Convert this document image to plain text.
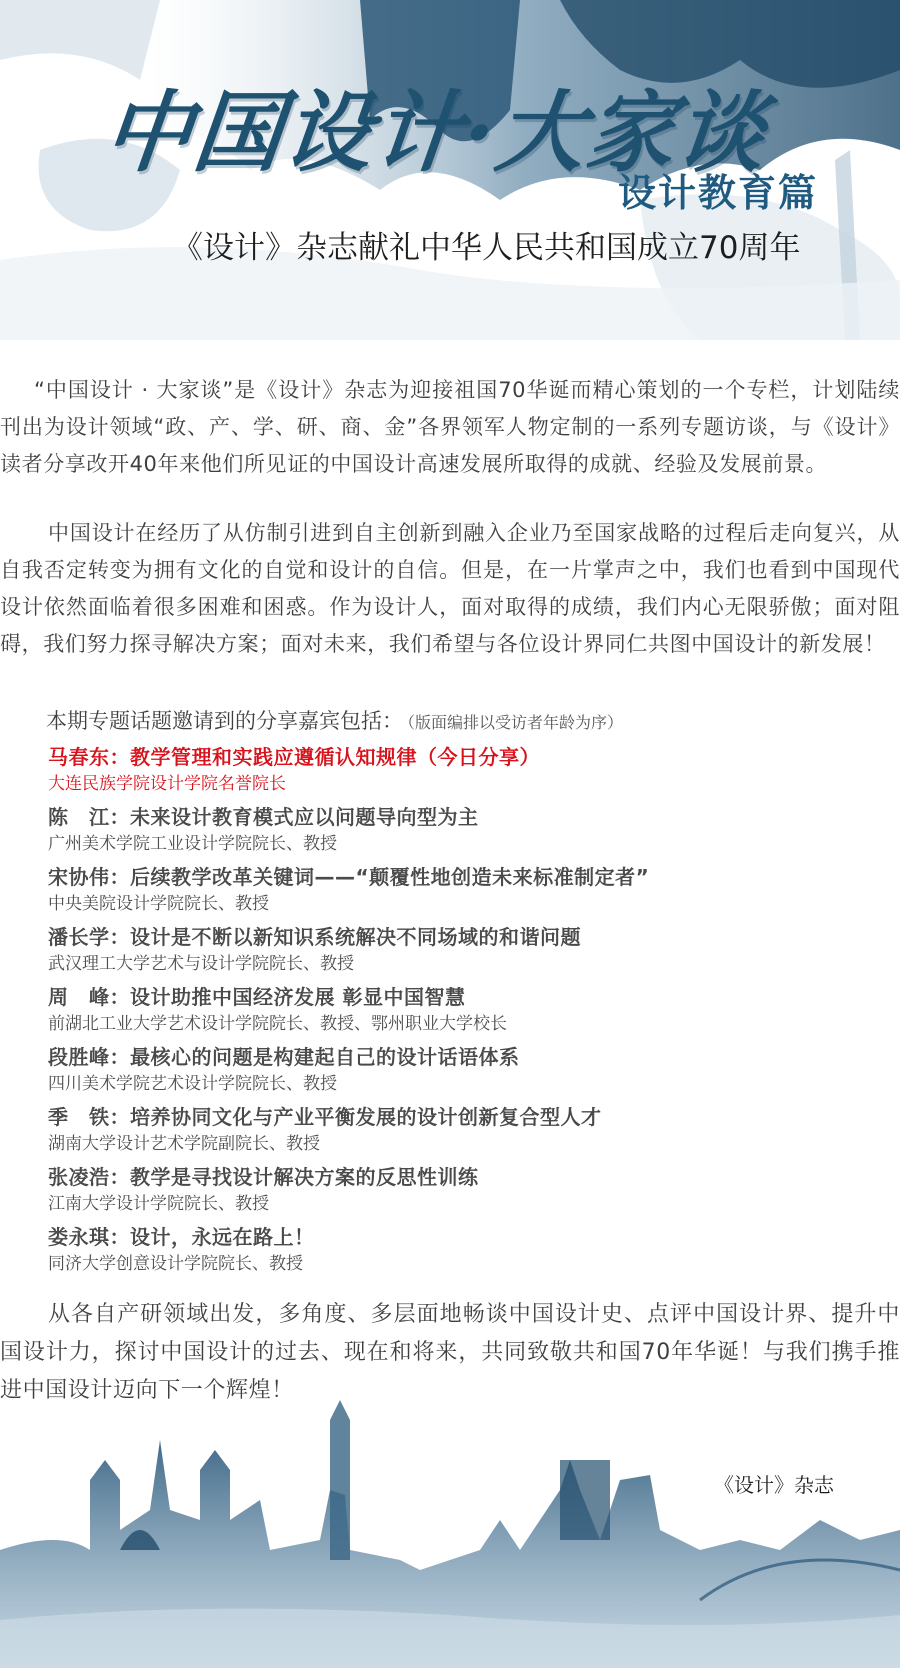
中国设计·大家谈
设计教育篇
《设计》杂志献礼中华人民共和国成立70周年

“中国设计 · 大家谈”是《设计》杂志为迎接祖国70华诞而精心策划的一个专栏，计划陆续刊出为设计领域“政、产、学、研、商、金”各界领军人物定制的一系列专题访谈，与《设计》读者分享改开40年来他们所见证的中国设计高速发展所取得的成就、经验及发展前景。

中国设计在经历了从仿制引进到自主创新到融入企业乃至国家战略的过程后走向复兴，从自我否定转变为拥有文化的自觉和设计的自信。但是，在一片掌声之中，我们也看到中国现代设计依然面临着很多困难和困惑。作为设计人，面对取得的成绩，我们内心无限骄傲；面对阻碍，我们努力探寻解决方案；面对未来，我们希望与各位设计界同仁共图中国设计的新发展！

本期专题话题邀请到的分享嘉宾包括： （版面编排以受访者年龄为序）
马春东：教学管理和实践应遵循认知规律（今日分享）
大连民族学院设计学院名誉院长
陈　江：未来设计教育模式应以问题导向型为主
广州美术学院工业设计学院院长、教授
宋协伟：后续教学改革关键词——“颠覆性地创造未来标准制定者”
中央美院设计学院院长、教授
潘长学：设计是不断以新知识系统解决不同场域的和谐问题
武汉理工大学艺术与设计学院院长、教授
周　峰：设计助推中国经济发展 彰显中国智慧
前湖北工业大学艺术设计学院院长、教授、鄂州职业大学校长
段胜峰：最核心的问题是构建起自己的设计话语体系
四川美术学院艺术设计学院院长、教授
季　铁：培养协同文化与产业平衡发展的设计创新复合型人才
湖南大学设计艺术学院副院长、教授
张凌浩：教学是寻找设计解决方案的反思性训练
江南大学设计学院院长、教授
娄永琪：设计，永远在路上！
同济大学创意设计学院院长、教授

从各自产研领域出发，多角度、多层面地畅谈中国设计史、点评中国设计界、提升中国设计力，探讨中国设计的过去、现在和将来，共同致敬共和国70年华诞！与我们携手推进中国设计迈向下一个辉煌！

《设计》杂志
